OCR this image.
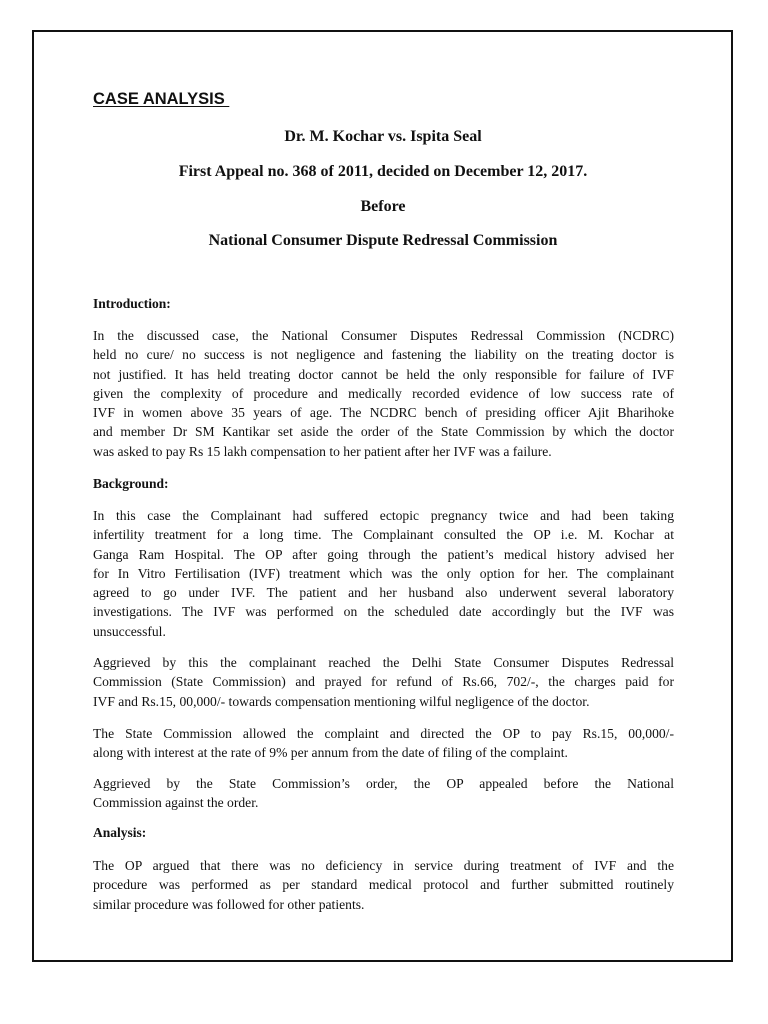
CASE ANALYSIS
Dr. M. Kochar vs. Ispita Seal
First Appeal no. 368 of 2011, decided on December 12, 2017.
Before
National Consumer Dispute Redressal Commission
Introduction:
In the discussed case, the National Consumer Disputes Redressal Commission (NCDRC)
held no cure/ no success is not negligence and fastening the liability on the treating doctor is
not justified. It has held treating doctor cannot be held the only responsible for failure of IVF
given the complexity of procedure and medically recorded evidence of low success rate of
IVF in women above 35 years of age. The NCDRC bench of presiding officer Ajit Bharihoke
and member Dr SM Kantikar set aside the order of the State Commission by which the doctor
was asked to pay Rs 15 lakh compensation to her patient after her IVF was a failure.
Background:
In this case the Complainant had suffered ectopic pregnancy twice and had been taking
infertility treatment for a long time. The Complainant consulted the OP i.e. M. Kochar at
Ganga Ram Hospital. The OP after going through the patient’s medical history advised her
for In Vitro Fertilisation (IVF) treatment which was the only option for her. The complainant
agreed to go under IVF. The patient and her husband also underwent several laboratory
investigations. The IVF was performed on the scheduled date accordingly but the IVF was
unsuccessful.
Aggrieved by this the complainant reached the Delhi State Consumer Disputes Redressal
Commission (State Commission) and prayed for refund of Rs.66, 702/-, the charges paid for
IVF and Rs.15, 00,000/- towards compensation mentioning wilful negligence of the doctor.
The State Commission allowed the complaint and directed the OP to pay Rs.15, 00,000/-
along with interest at the rate of 9% per annum from the date of filing of the complaint.
Aggrieved by the State Commission’s order, the OP appealed before the National
Commission against the order.
Analysis:
The OP argued that there was no deficiency in service during treatment of IVF and the
procedure was performed as per standard medical protocol and further submitted routinely
similar procedure was followed for other patients.
